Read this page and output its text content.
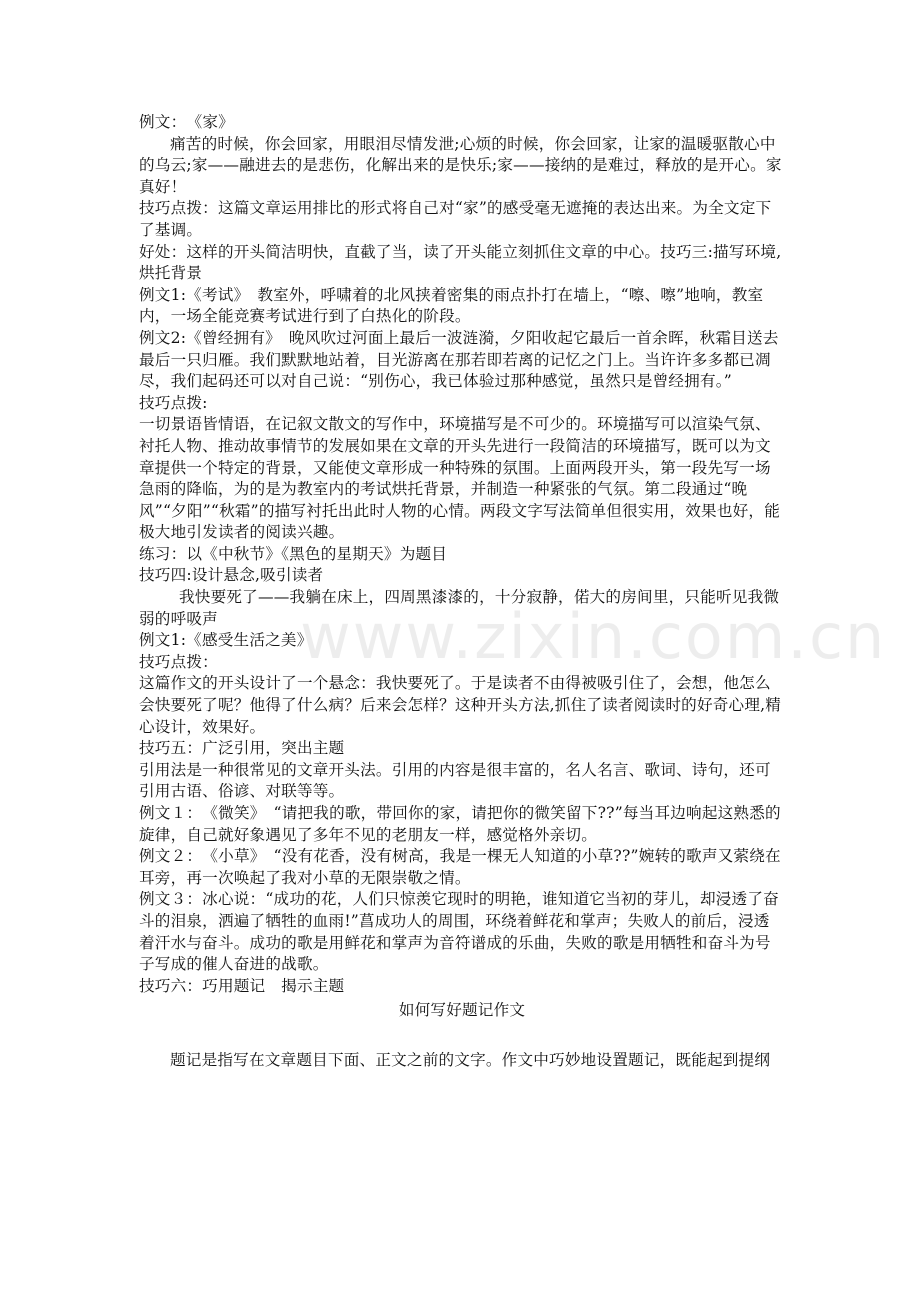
www.zixin.com.cn

例文：　《家》

痛苦的时候，你会回家，用眼泪尽情发泄;心烦的时候，你会回家，让家的温暖驱散心中的乌云;家——融进去的是悲伤，化解出来的是快乐;家——接纳的是难过，释放的是开心。家真好！

技巧点拨：这篇文章运用排比的形式将自己对“家”的感受毫无遮掩的表达出来。为全文定下了基调。

好处：这样的开头简洁明快，直截了当，读了开头能立刻抓住文章的中心。技巧三:描写环境,烘托背景

例文1:《考试》　教室外，呼啸着的北风挟着密集的雨点扑打在墙上，“嚓、嚓”地响，教室内，一场全能竞赛考试进行到了白热化的阶段。

例文2:《曾经拥有》　晚风吹过河面上最后一波涟漪，夕阳收起它最后一首余晖，秋霜目送去最后一只归雁。我们默默地站着，目光游离在那若即若离的记忆之门上。当许许多多都已凋尽，我们起码还可以对自己说：“别伤心，我已体验过那种感觉，虽然只是曾经拥有。”

技巧点拨:

一切景语皆情语，在记叙文散文的写作中，环境描写是不可少的。环境描写可以渲染气氛、衬托人物、推动故事情节的发展如果在文章的开头先进行一段简洁的环境描写，既可以为文章提供一个特定的背景，又能使文章形成一种特殊的氛围。上面两段开头，第一段先写一场急雨的降临，为的是为教室内的考试烘托背景，并制造一种紧张的气氛。第二段通过“晚风”“夕阳”“秋霜”的描写衬托出此时人物的心情。两段文字写法简单但很实用，效果也好，能极大地引发读者的阅读兴趣。

练习：以《中秋节》《黑色的星期天》为题目

技巧四:设计悬念,吸引读者

我快要死了——我躺在床上，四周黑漆漆的，十分寂静，偌大的房间里，只能听见我微弱的呼吸声

例文1:《感受生活之美》

技巧点拨：

这篇作文的开头设计了一个悬念：我快要死了。于是读者不由得被吸引住了，会想，他怎么会快要死了呢？他得了什么病？后来会怎样？这种开头方法,抓住了读者阅读时的好奇心理,精心设计，效果好。

技巧五：广泛引用，突出主题

引用法是一种很常见的文章开头法。引用的内容是很丰富的，名人名言、歌词、诗句，还可引用古语、俗谚、对联等等。

例文１：　《微笑》　“请把我的歌，带回你的家，请把你的微笑留下??”每当耳边响起这熟悉的旋律，自己就好象遇见了多年不见的老朋友一样，感觉格外亲切。

例文２：　《小草》　“没有花香，没有树高，我是一棵无人知道的小草??”婉转的歌声又萦绕在耳旁，再一次唤起了我对小草的无限崇敬之情。

例文３：冰心说：“成功的花，人们只惊羡它现时的明艳，谁知道它当初的芽儿，却浸透了奋斗的泪泉，洒遍了牺牲的血雨!”菖成功人的周围，环绕着鲜花和掌声；失败人的前后，浸透着汗水与奋斗。成功的歌是用鲜花和掌声为音符谱成的乐曲，失败的歌是用牺牲和奋斗为号子写成的催人奋进的战歌。

技巧六：巧用题记　揭示主题

如何写好题记作文

题记是指写在文章题目下面、正文之前的文字。作文中巧妙地设置题记，既能起到提纲
